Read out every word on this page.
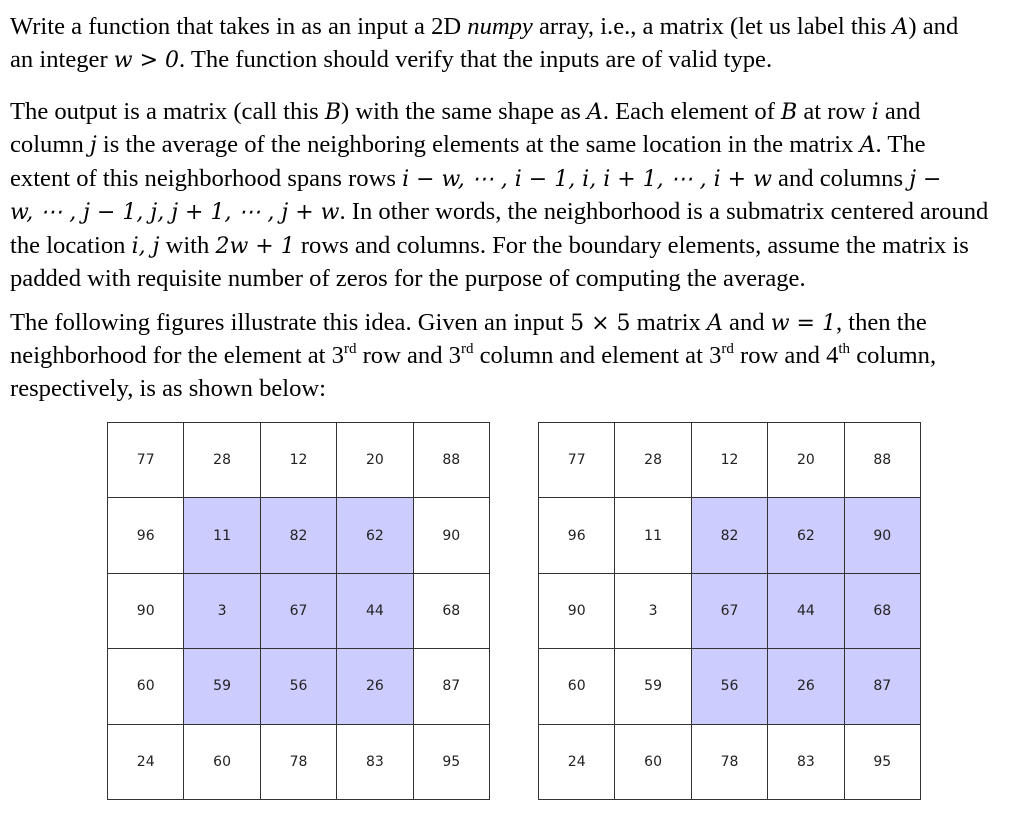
Write a function that takes in as an input a 2D numpy array, i.e., a matrix (let us label this A) and
an integer w > 0. The function should verify that the inputs are of valid type.
The output is a matrix (call this B) with the same shape as A. Each element of B at row i and
column j is the average of the neighboring elements at the same location in the matrix A. The
extent of this neighborhood spans rows i − w, ⋯ , i − 1, i, i + 1, ⋯ , i + w and columns j −
w, ⋯ , j − 1, j, j + 1, ⋯ , j + w. In other words, the neighborhood is a submatrix centered around
the location i, j with 2w + 1 rows and columns. For the boundary elements, assume the matrix is
padded with requisite number of zeros for the purpose of computing the average.
The following figures illustrate this idea. Given an input 5 × 5 matrix A and w = 1, then the
neighborhood for the element at 3rd row and 3rd column and element at 3rd row and 4th column,
respectively, is as shown below:
77	28	12	20	88
96	11	82	62	90
90	3	67	44	68
60	59	56	26	87
24	60	78	83	95
77	28	12	20	88
96	11	82	62	90
90	3	67	44	68
60	59	56	26	87
24	60	78	83	95
